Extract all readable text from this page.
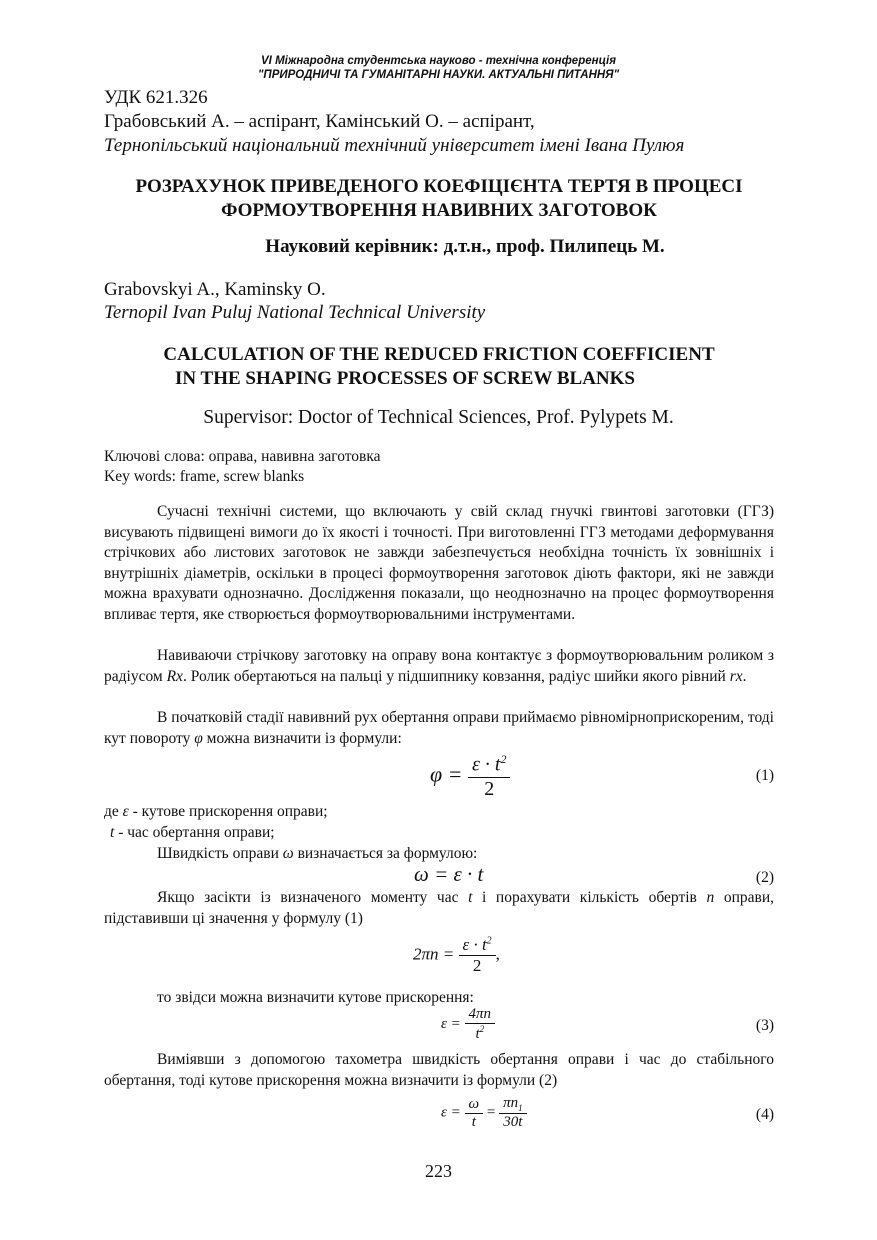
VI Міжнародна студентська науково - технічна конференція
"ПРИРОДНИЧІ ТА ГУМАНІТАРНІ НАУКИ. АКТУАЛЬНІ ПИТАННЯ"
УДК 621.326
Грабовський А. – аспірант, Камінський О. – аспірант,
Тернопільський національний технічний університет імені Івана Пулюя
РОЗРАХУНОК ПРИВЕДЕНОГО КОЕФІЦІЄНТА ТЕРТЯ В ПРОЦЕСІ
ФОРМОУТВОРЕННЯ НАВИВНИХ ЗАГОТОВОК
Науковий керівник: д.т.н., проф. Пилипець М.
Grabovskyi A., Kaminsky O.
Ternopil Ivan Puluj National Technical University
CALCULATION OF THE REDUCED FRICTION COEFFICIENT
IN THE SHAPING PROCESSES OF SCREW BLANKS
Supervisor: Doctor of Technical Sciences, Prof. Pylypets M.
Ключові слова: оправа, навивна заготовка
Key words: frame, screw blanks
Сучасні технічні системи, що включають у свій склад гнучкі гвинтові заготовки (ГГЗ) висувають підвищені вимоги до їх якості і точності. При виготовленні ГГЗ методами деформування стрічкових або листових заготовок не завжди забезпечується необхідна точність їх зовнішніх і внутрішніх діаметрів, оскільки в процесі формоутворення заготовок діють фактори, які не завжди можна врахувати однозначно. Дослідження показали, що неоднозначно на процес формоутворення впливає тертя, яке створюється формоутворювальними інструментами.
Навиваючи стрічкову заготовку на оправу вона контактує з формоутворювальним роликом з радіусом Rx. Ролик обертаються на пальці у підшипнику ковзання, радіус шийки якого рівний rx.
В початковій стадії навивний рух обертання оправи приймаємо рівномірноприскореним, тоді кут повороту φ можна визначити із формули:
$\varphi = \frac{\varepsilon \cdot t^2}{2}$	(1)
де ε - кутове прискорення оправи;
t - час обертання оправи;
Швидкість оправи ω визначається за формулою:
ω = ε · t	(2)
Якщо засікти із визначеного моменту час t і порахувати кількість обертів n оправи, підставивши ці значення у формулу (1)
$2\pi n = \frac{\varepsilon \cdot t^2}{2}$ ,
то звідси можна визначити кутове прискорення:
$\varepsilon = \frac{4\pi n}{t^2}$	(3)
Виміявши з допомогою тахометра швидкість обертання оправи і час до стабільного обертання, тоді кутове прискорення можна визначити із формули (2)
$\varepsilon = \frac{\omega}{t} = \frac{\pi n_1}{30t}$	(4)
223
